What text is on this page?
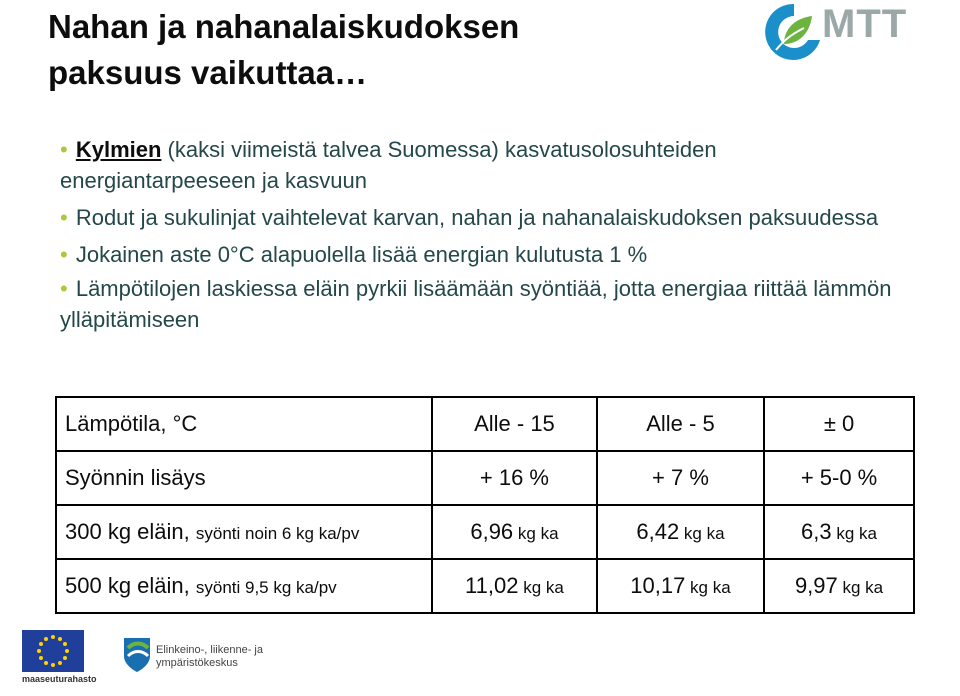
Nahan ja nahanalaiskudoksen
paksuus vaikuttaa…
MTT
• Kylmien (kaksi viimeistä talvea Suomessa) kasvatusolosuhteiden energiantarpeeseen ja kasvuun
• Rodut ja sukulinjat vaihtelevat karvan, nahan ja nahanalaiskudoksen paksuudessa
• Jokainen aste 0°C alapuolella lisää energian kulutusta 1 %
• Lämpötilojen laskiessa eläin pyrkii lisäämään syöntiää, jotta energiaa riittää lämmön ylläpitämiseen
Lämpötila, °C	Alle - 15	Alle - 5	± 0
Syönnin lisäys	+ 16 %	+ 7 %	+ 5-0 %
300 kg eläin, syönti noin 6 kg ka/pv	6,96 kg ka	6,42 kg ka	6,3 kg ka
500 kg eläin, syönti 9,5 kg ka/pv	11,02 kg ka	10,17 kg ka	9,97 kg ka
maaseuturahasto
Elinkeino-, liikenne- ja
ympäristökeskus
